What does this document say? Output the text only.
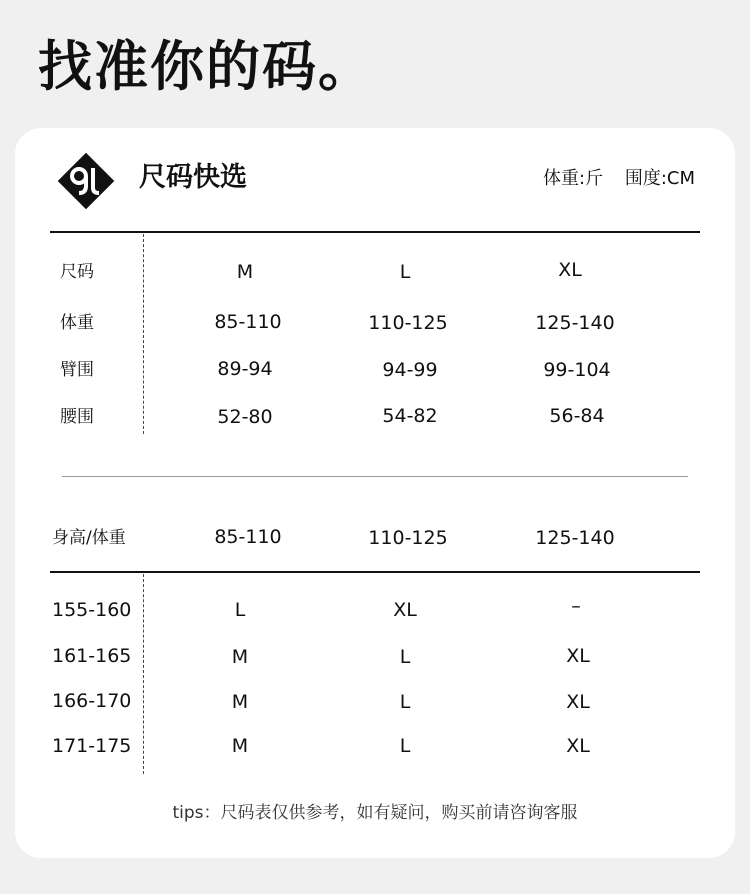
找准你的码。
尺码快选	体重:斤 围度:CM
尺码	M	L	XL
体重	85-110	110-125	125-140
臂围	89-94	94-99	99-104
腰围	52-80	54-82	56-84
身高/体重	85-110	110-125	125-140
155-160	L	XL	–
161-165	M	L	XL
166-170	M	L	XL
171-175	M	L	XL
tips：尺码表仅供参考，如有疑问，购买前请咨询客服
